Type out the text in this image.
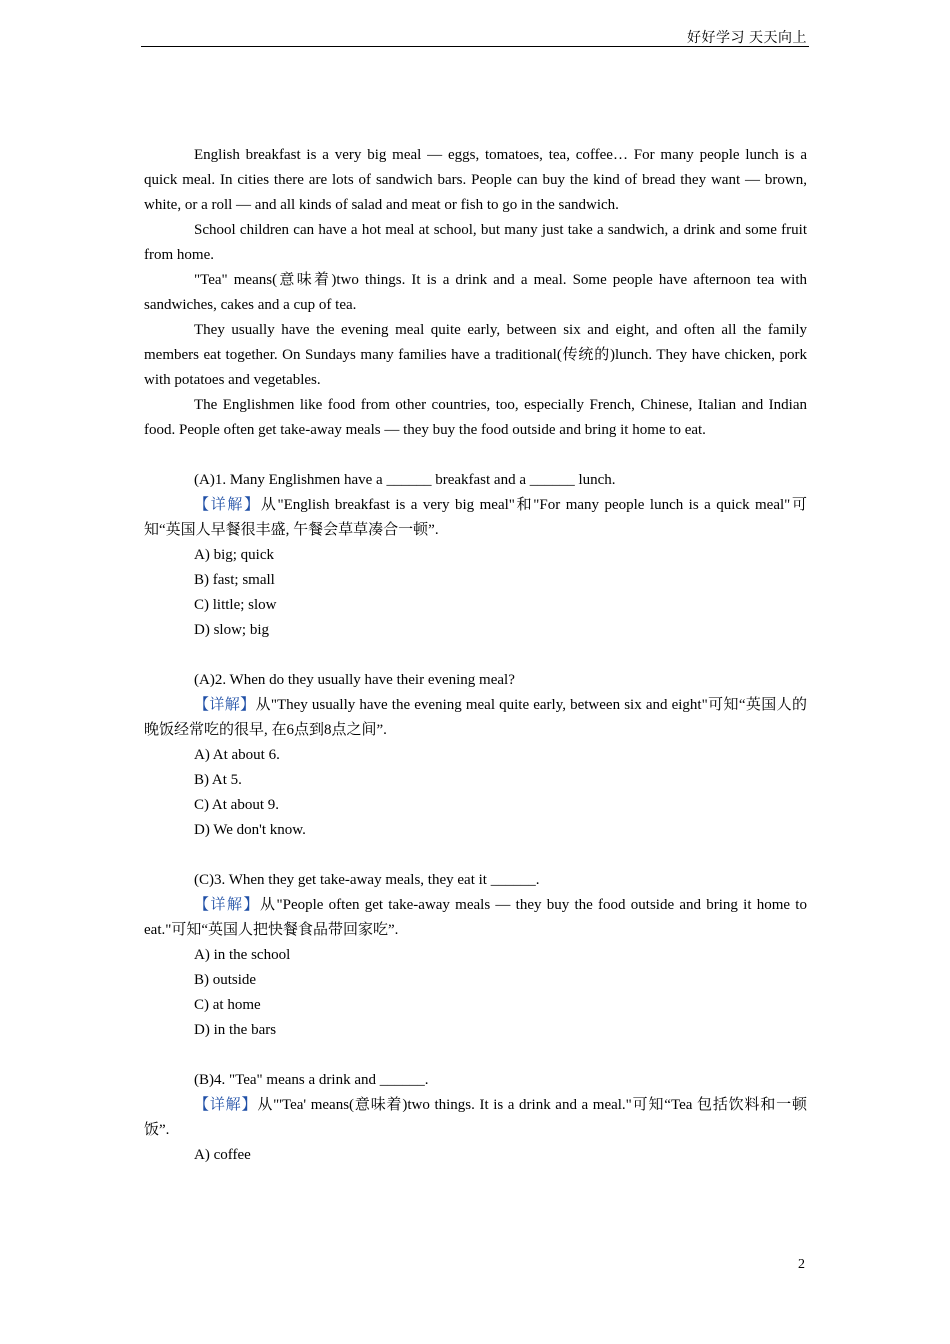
好好学习 天天向上

English breakfast is a very big meal — eggs, tomatoes, tea, coffee… For many people lunch is a quick meal. In cities there are lots of sandwich bars. People can buy the kind of bread they want — brown, white, or a roll — and all kinds of salad and meat or fish to go in the sandwich.

School children can have a hot meal at school, but many just take a sandwich, a drink and some fruit from home.

"Tea" means(意味着)two things. It is a drink and a meal. Some people have afternoon tea with sandwiches, cakes and a cup of tea.

They usually have the evening meal quite early, between six and eight, and often all the family members eat together. On Sundays many families have a traditional(传统的)lunch. They have chicken, pork with potatoes and vegetables.

The Englishmen like food from other countries, too, especially French, Chinese, Italian and Indian food. People often get take-away meals — they buy the food outside and bring it home to eat.

(A)1. Many Englishmen have a ______ breakfast and a ______ lunch.

【详解】从"English breakfast is a very big meal"和"For many people lunch is a quick meal"可知“英国人早餐很丰盛, 午餐会草草凑合一顿”.

A) big; quick

B) fast; small

C) little; slow

D) slow; big

(A)2. When do they usually have their evening meal?

【详解】从"They usually have the evening meal quite early, between six and eight"可知“英国人的晚饭经常吃的很早, 在6点到8点之间”.

A) At about 6.

B) At 5.

C) At about 9.

D) We don't know.

(C)3. When they get take-away meals, they eat it ______.

【详解】从"People often get take-away meals — they buy the food outside and bring it home to eat."可知“英国人把快餐食品带回家吃”.

A) in the school

B) outside

C) at home

D) in the bars

(B)4. "Tea" means a drink and ______.

【详解】从"'Tea' means(意味着)two things. It is a drink and a meal."可知“Tea 包括饮料和一顿饭”.

A) coffee

2
